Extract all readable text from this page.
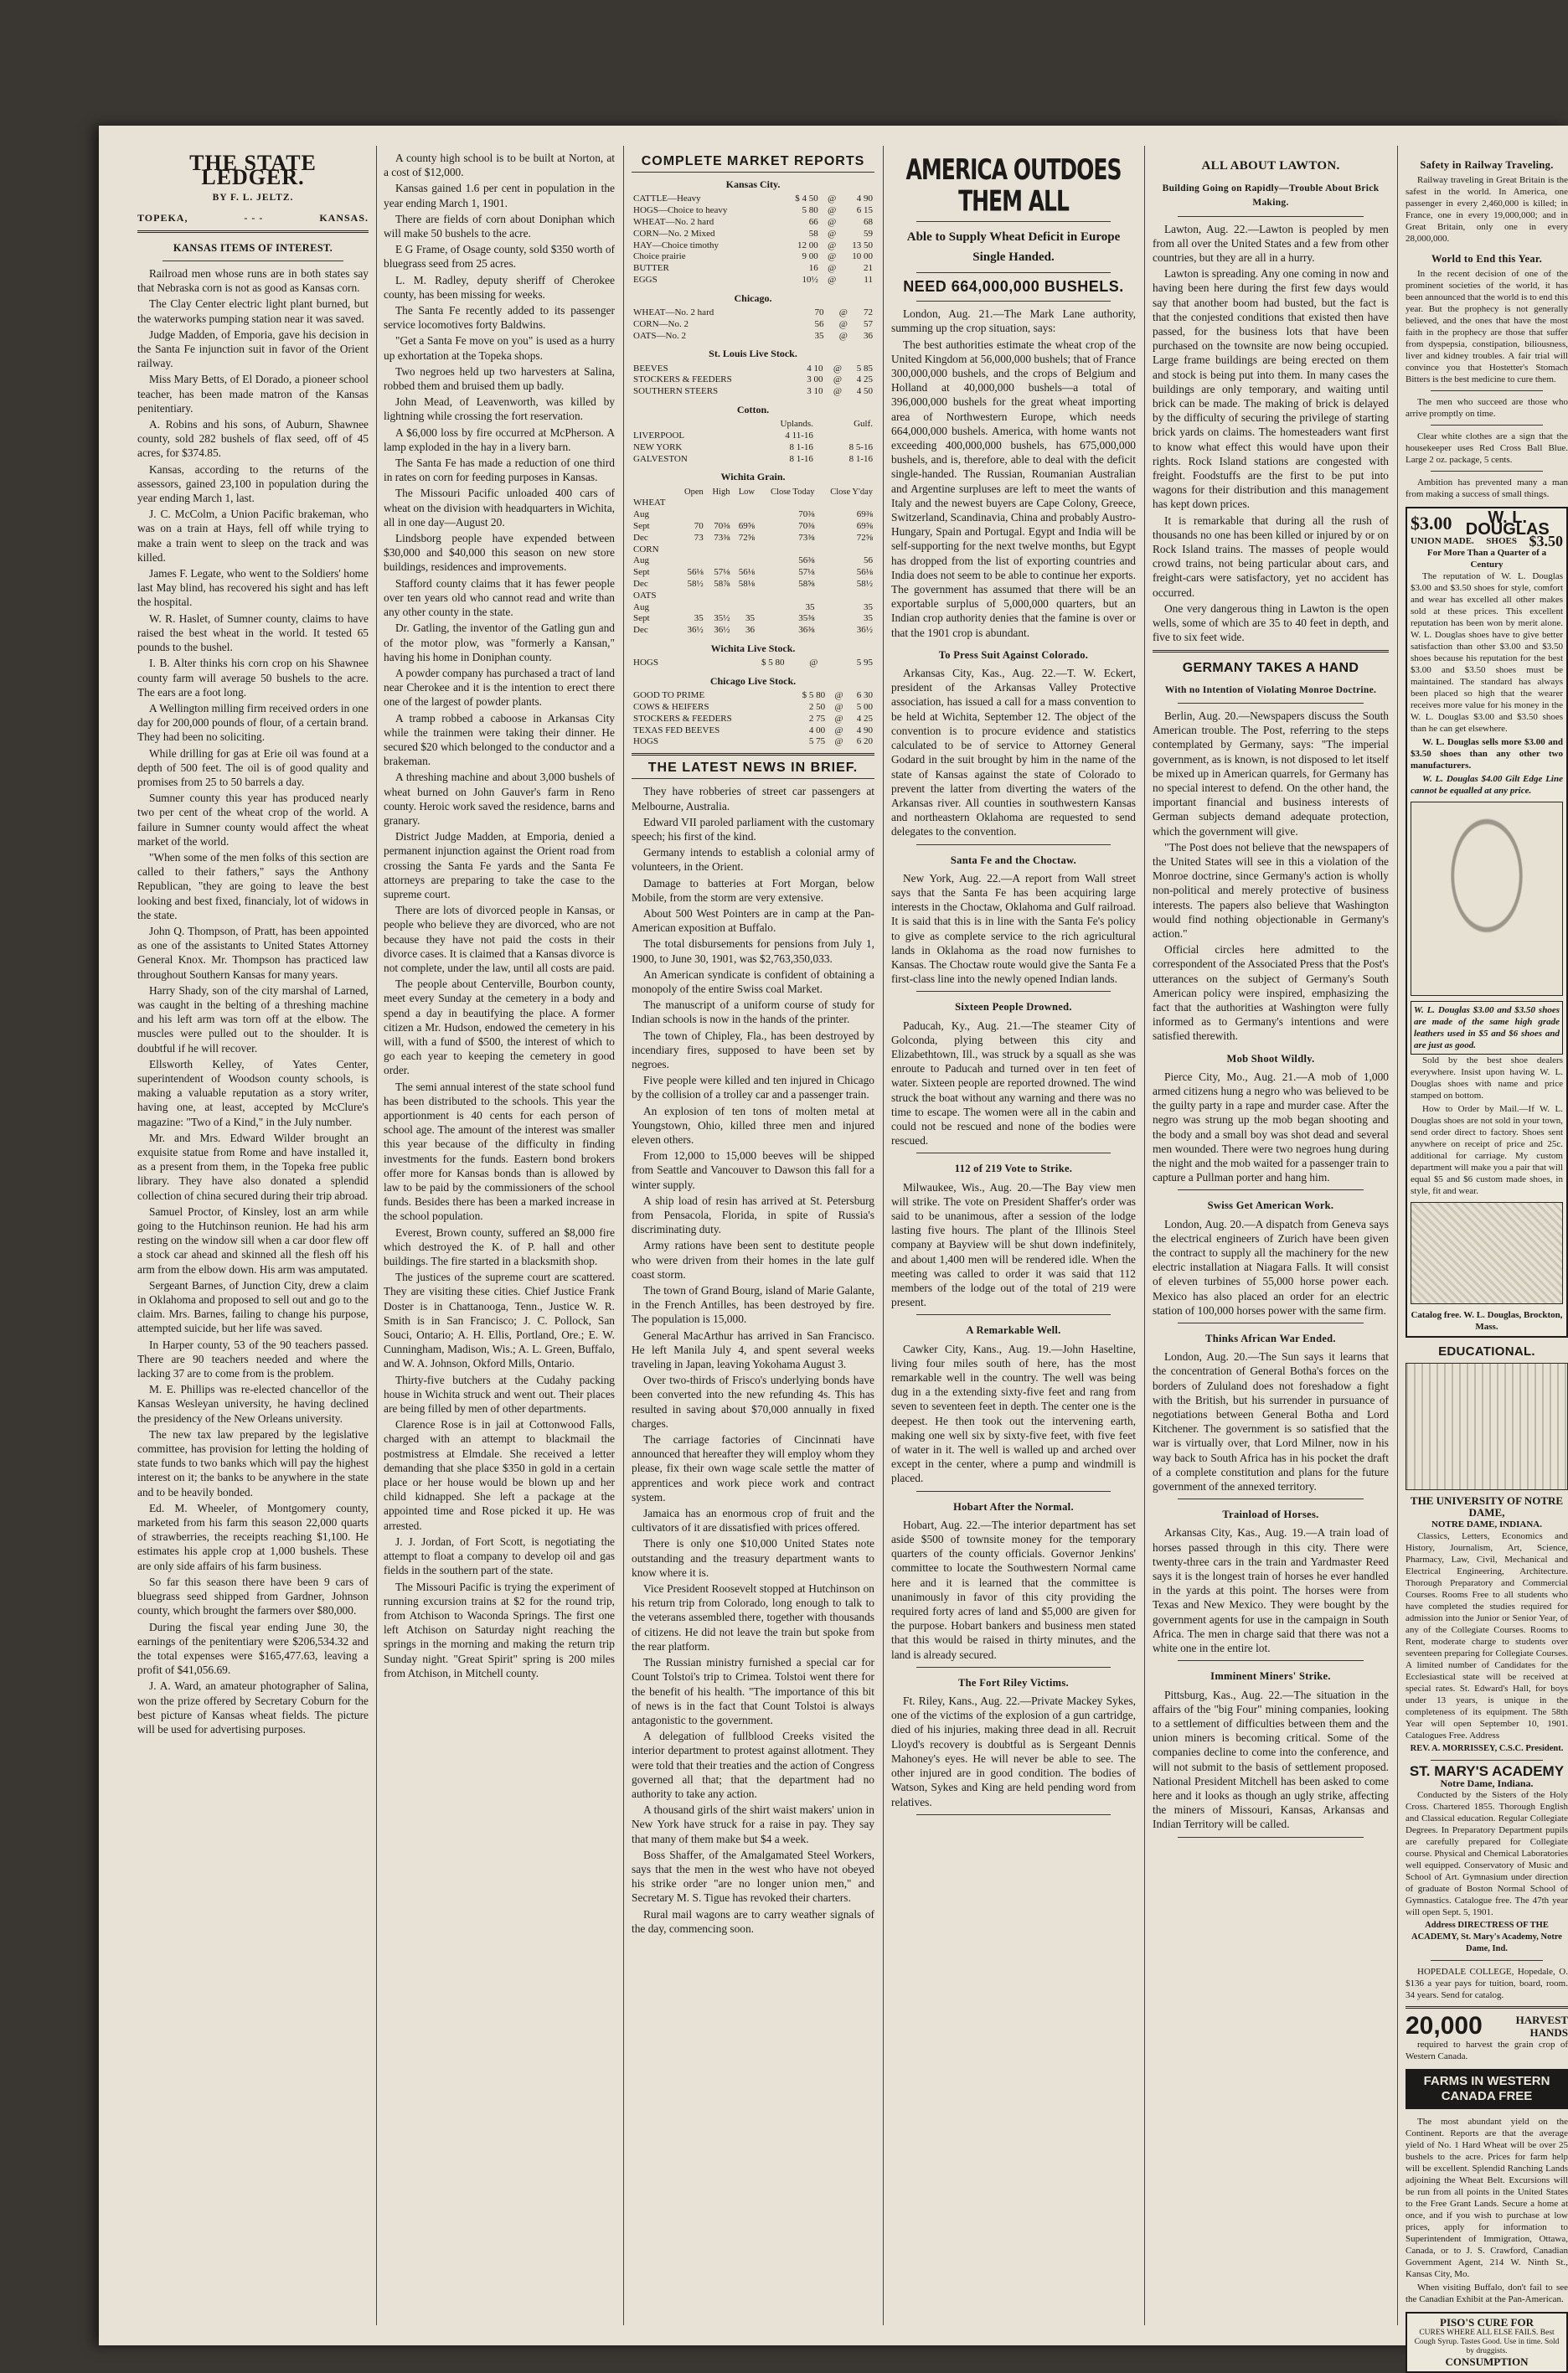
THE STATE LEDGER.
BY F. L. JELTZ.
TOPEKA,	- - -	KANSAS.
KANSAS ITEMS OF INTEREST.

Railroad men whose runs are in both states say that Nebraska corn is not as good as Kansas corn.

The Clay Center electric light plant burned, but the waterworks pumping station near it was saved.

Judge Madden, of Emporia, gave his decision in the Santa Fe injunction suit in favor of the Orient railway.

Miss Mary Betts, of El Dorado, a pioneer school teacher, has been made matron of the Kansas penitentiary.

A. Robins and his sons, of Auburn, Shawnee county, sold 282 bushels of flax seed, off of 45 acres, for $374.85.

Kansas, according to the returns of the assessors, gained 23,100 in population during the year ending March 1, last.

J. C. McColm, a Union Pacific brakeman, who was on a train at Hays, fell off while trying to make a train went to sleep on the track and was killed.

James F. Legate, who went to the Soldiers' home last May blind, has recovered his sight and has left the hospital.

W. R. Haslet, of Sumner county, claims to have raised the best wheat in the world. It tested 65 pounds to the bushel.

I. B. Alter thinks his corn crop on his Shawnee county farm will average 50 bushels to the acre. The ears are a foot long.

A Wellington milling firm received orders in one day for 200,000 pounds of flour, of a certain brand. They had been no soliciting.

While drilling for gas at Erie oil was found at a depth of 500 feet. The oil is of good quality and promises from 25 to 50 barrels a day.

Sumner county this year has produced nearly two per cent of the wheat crop of the world. A failure in Sumner county would affect the wheat market of the world.

"When some of the men folks of this section are called to their fathers," says the Anthony Republican, "they are going to leave the best looking and best fixed, financialy, lot of widows in the state.

John Q. Thompson, of Pratt, has been appointed as one of the assistants to United States Attorney General Knox. Mr. Thompson has practiced law throughout Southern Kansas for many years.

Harry Shady, son of the city marshal of Larned, was caught in the belting of a threshing machine and his left arm was torn off at the elbow. The muscles were pulled out to the shoulder. It is doubtful if he will recover.

Ellsworth Kelley, of Yates Center, superintendent of Woodson county schools, is making a valuable reputation as a story writer, having one, at least, accepted by McClure's magazine: "Two of a Kind," in the July number.

Mr. and Mrs. Edward Wilder brought an exquisite statue from Rome and have installed it, as a present from them, in the Topeka free public library. They have also donated a splendid collection of china secured during their trip abroad.

Samuel Proctor, of Kinsley, lost an arm while going to the Hutchinson reunion. He had his arm resting on the window sill when a car door flew off a stock car ahead and skinned all the flesh off his arm from the elbow down. His arm was amputated.

Sergeant Barnes, of Junction City, drew a claim in Oklahoma and proposed to sell out and go to the claim. Mrs. Barnes, failing to change his purpose, attempted suicide, but her life was saved.

In Harper county, 53 of the 90 teachers passed. There are 90 teachers needed and where the lacking 37 are to come from is the problem.

M. E. Phillips was re-elected chancellor of the Kansas Wesleyan university, he having declined the presidency of the New Orleans university.

The new tax law prepared by the legislative committee, has provision for letting the holding of state funds to two banks which will pay the highest interest on it; the banks to be anywhere in the state and to be heavily bonded.

Ed. M. Wheeler, of Montgomery county, marketed from his farm this season 22,000 quarts of strawberries, the receipts reaching $1,100. He estimates his apple crop at 1,000 bushels. These are only side affairs of his farm business.

So far this season there have been 9 cars of bluegrass seed shipped from Gardner, Johnson county, which brought the farmers over $80,000.

During the fiscal year ending June 30, the earnings of the penitentiary were $206,534.32 and the total expenses were $165,477.63, leaving a profit of $41,056.69.

J. A. Ward, an amateur photographer of Salina, won the prize offered by Secretary Coburn for the best picture of Kansas wheat fields. The picture will be used for advertising purposes.

A county high school is to be built at Norton, at a cost of $12,000.

Kansas gained 1.6 per cent in population in the year ending March 1, 1901.

There are fields of corn about Doniphan which will make 50 bushels to the acre.

E G Frame, of Osage county, sold $350 worth of bluegrass seed from 25 acres.

L. M. Radley, deputy sheriff of Cherokee county, has been missing for weeks.

The Santa Fe recently added to its passenger service locomotives forty Baldwins.

"Get a Santa Fe move on you" is used as a hurry up exhortation at the Topeka shops.

Two negroes held up two harvesters at Salina, robbed them and bruised them up badly.

John Mead, of Leavenworth, was killed by lightning while crossing the fort reservation.

A $6,000 loss by fire occurred at McPherson. A lamp exploded in the hay in a livery barn.

The Santa Fe has made a reduction of one third in rates on corn for feeding purposes in Kansas.

The Missouri Pacific unloaded 400 cars of wheat on the division with headquarters in Wichita, all in one day—August 20.

Lindsborg people have expended between $30,000 and $40,000 this season on new store buildings, residences and improvements.

Stafford county claims that it has fewer people over ten years old who cannot read and write than any other county in the state.

Dr. Gatling, the inventor of the Gatling gun and of the motor plow, was "formerly a Kansan," having his home in Doniphan county.

A powder company has purchased a tract of land near Cherokee and it is the intention to erect there one of the largest of powder plants.

A tramp robbed a caboose in Arkansas City while the trainmen were taking their dinner. He secured $20 which belonged to the conductor and a brakeman.

A threshing machine and about 3,000 bushels of wheat burned on John Gauver's farm in Reno county. Heroic work saved the residence, barns and granary.

District Judge Madden, at Emporia, denied a permanent injunction against the Orient road from crossing the Santa Fe yards and the Santa Fe attorneys are preparing to take the case to the supreme court.

There are lots of divorced people in Kansas, or people who believe they are divorced, who are not because they have not paid the costs in their divorce cases. It is claimed that a Kansas divorce is not complete, under the law, until all costs are paid.

The people about Centerville, Bourbon county, meet every Sunday at the cemetery in a body and spend a day in beautifying the place. A former citizen a Mr. Hudson, endowed the cemetery in his will, with a fund of $500, the interest of which to go each year to keeping the cemetery in good order.

The semi annual interest of the state school fund has been distributed to the schools. This year the apportionment is 40 cents for each person of school age. The amount of the interest was smaller this year because of the difficulty in finding investments for the funds. Eastern bond brokers offer more for Kansas bonds than is allowed by law to be paid by the commissioners of the school funds. Besides there has been a marked increase in the school population.

Everest, Brown county, suffered an $8,000 fire which destroyed the K. of P. hall and other buildings. The fire started in a blacksmith shop.

The justices of the supreme court are scattered. They are visiting these cities. Chief Justice Frank Doster is in Chattanooga, Tenn., Justice W. R. Smith is in San Francisco; J. C. Pollock, San Souci, Ontario; A. H. Ellis, Portland, Ore.; E. W. Cunningham, Madison, Wis.; A. L. Green, Buffalo, and W. A. Johnson, Okford Mills, Ontario.

Thirty-five butchers at the Cudahy packing house in Wichita struck and went out. Their places are being filled by men of other departments.

Clarence Rose is in jail at Cottonwood Falls, charged with an attempt to blackmail the postmistress at Elmdale. She received a letter demanding that she place $350 in gold in a certain place or her house would be blown up and her child kidnapped. She left a package at the appointed time and Rose picked it up. He was arrested.

J. J. Jordan, of Fort Scott, is negotiating the attempt to float a company to develop oil and gas fields in the southern part of the state.

The Missouri Pacific is trying the experiment of running excursion trains at $2 for the round trip, from Atchison to Waconda Springs. The first one left Atchison on Saturday night reaching the springs in the morning and making the return trip Sunday night. "Great Spirit" spring is 200 miles from Atchison, in Mitchell county.

COMPLETE MARKET REPORTS
Kansas City.
CATTLE—Heavy	$ 4 50	@	4 90
HOGS—Choice to heavy	5 80	@	6 15
WHEAT—No. 2 hard	66	@	68
CORN—No. 2 Mixed	58	@	59
HAY—Choice timothy	12 00	@	13 50
Choice prairie	9 00	@	10 00
BUTTER	16	@	21
EGGS	10½	@	11
Chicago.
WHEAT—No. 2 hard	70	@	72
CORN—No. 2	56	@	57
OATS—No. 2	35	@	36
St. Louis Live Stock.
BEEVES	4 10	@	5 85
STOCKERS & FEEDERS	3 00	@	4 25
SOUTHERN STEERS	3 10	@	4 50
Cotton.
	Uplands.		Gulf.
LIVERPOOL	4 11-16		
NEW YORK	8 1-16		8 5-16
GALVESTON	8 1-16		8 1-16
Wichita Grain.
	Open	High	Low	Close Today	Close Y'day
WHEAT					
Aug				70⅜	69⅜
Sept	70	70⅜	69⅝	70⅜	69⅝
Dec	73	73⅜	72⅝	73⅜	72⅝
CORN					
Aug				56⅜	56
Sept	56⅛	57⅛	56⅛	57⅛	56⅛
Dec	58½	58⅞	58⅛	58⅝	58½
OATS					
Aug				35	35
Sept	35	35½	35	35⅜	35
Dec	36½	36½	36	36⅜	36½
Wichita Live Stock.
HOGS	$ 5 80	@	5 95
Chicago Live Stock.
GOOD TO PRIME	$ 5 80	@	6 30
COWS & HEIFERS	2 50	@	5 00
STOCKERS & FEEDERS	2 75	@	4 25
TEXAS FED BEEVES	4 00	@	4 90
HOGS	5 75	@	6 20
THE LATEST NEWS IN BRIEF.

They have robberies of street car passengers at Melbourne, Australia.

Edward VII paroled parliament with the customary speech; his first of the kind.

Germany intends to establish a colonial army of volunteers, in the Orient.

Damage to batteries at Fort Morgan, below Mobile, from the storm are very extensive.

About 500 West Pointers are in camp at the Pan-American exposition at Buffalo.

The total disbursements for pensions from July 1, 1900, to June 30, 1901, was $2,763,350,033.

An American syndicate is confident of obtaining a monopoly of the entire Swiss coal Market.

The manuscript of a uniform course of study for Indian schools is now in the hands of the printer.

The town of Chipley, Fla., has been destroyed by incendiary fires, supposed to have been set by negroes.

Five people were killed and ten injured in Chicago by the collision of a trolley car and a passenger train.

An explosion of ten tons of molten metal at Youngstown, Ohio, killed three men and injured eleven others.

From 12,000 to 15,000 beeves will be shipped from Seattle and Vancouver to Dawson this fall for a winter supply.

A ship load of resin has arrived at St. Petersburg from Pensacola, Florida, in spite of Russia's discriminating duty.

Army rations have been sent to destitute people who were driven from their homes in the late gulf coast storm.

The town of Grand Bourg, island of Marie Galante, in the French Antilles, has been destroyed by fire. The population is 15,000.

General MacArthur has arrived in San Francisco. He left Manila July 4, and spent several weeks traveling in Japan, leaving Yokohama August 3.

Over two-thirds of Frisco's underlying bonds have been converted into the new refunding 4s. This has resulted in saving about $70,000 annually in fixed charges.

The carriage factories of Cincinnati have announced that hereafter they will employ whom they please, fix their own wage scale settle the matter of apprentices and work piece work and contract system.

Jamaica has an enormous crop of fruit and the cultivators of it are dissatisfied with prices offered.

There is only one $10,000 United States note outstanding and the treasury department wants to know where it is.

Vice President Roosevelt stopped at Hutchinson on his return trip from Colorado, long enough to talk to the veterans assembled there, together with thousands of citizens. He did not leave the train but spoke from the rear platform.

The Russian ministry furnished a special car for Count Tolstoi's trip to Crimea. Tolstoi went there for the benefit of his health. "The importance of this bit of news is in the fact that Count Tolstoi is always antagonistic to the government.

A delegation of fullblood Creeks visited the interior department to protest against allotment. They were told that their treaties and the action of Congress governed all that; that the department had no authority to take any action.

A thousand girls of the shirt waist makers' union in New York have struck for a raise in pay. They say that many of them make but $4 a week.

Boss Shaffer, of the Amalgamated Steel Workers, says that the men in the west who have not obeyed his strike order "are no longer union men," and Secretary M. S. Tigue has revoked their charters.

Rural mail wagons are to carry weather signals of the day, commencing soon.

AMERICA OUTDOES THEM ALL
Able to Supply Wheat Deficit in Europe Single Handed.
NEED 664,000,000 BUSHELS.

London, Aug. 21.—The Mark Lane authority, summing up the crop situation, says:

The best authorities estimate the wheat crop of the United Kingdom at 56,000,000 bushels; that of France 300,000,000 bushels, and the crops of Belgium and Holland at 40,000,000 bushels—a total of 396,000,000 bushels for the great wheat importing area of Northwestern Europe, which needs 664,000,000 bushels. America, with home wants not exceeding 400,000,000 bushels, has 675,000,000 bushels, and is, therefore, able to deal with the deficit single-handed. The Russian, Roumanian Australian and Argentine surpluses are left to meet the wants of Italy and the newest buyers are Cape Colony, Greece, Switzerland, Scandinavia, China and probably Austro-Hungary, Spain and Portugal. Egypt and India will be self-supporting for the next twelve months, but Egypt has dropped from the list of exporting countries and India does not seem to be able to continue her exports. The government has assumed that there will be an exportable surplus of 5,000,000 quarters, but an Indian crop authority denies that the famine is over or that the 1901 crop is abundant.

To Press Suit Against Colorado.

Arkansas City, Kas., Aug. 22.—T. W. Eckert, president of the Arkansas Valley Protective association, has issued a call for a mass convention to be held at Wichita, September 12. The object of the convention is to procure evidence and statistics calculated to be of service to Attorney General Godard in the suit brought by him in the name of the state of Kansas against the state of Colorado to prevent the latter from diverting the waters of the Arkansas river. All counties in southwestern Kansas and northeastern Oklahoma are requested to send delegates to the convention.

Santa Fe and the Choctaw.

New York, Aug. 22.—A report from Wall street says that the Santa Fe has been acquiring large interests in the Choctaw, Oklahoma and Gulf railroad. It is said that this is in line with the Santa Fe's policy to give as complete service to the rich agricultural lands in Oklahoma as the road now furnishes to Kansas. The Choctaw route would give the Santa Fe a first-class line into the newly opened Indian lands.

Sixteen People Drowned.

Paducah, Ky., Aug. 21.—The steamer City of Golconda, plying between this city and Elizabethtown, Ill., was struck by a squall as she was enroute to Paducah and turned over in ten feet of water. Sixteen people are reported drowned. The wind struck the boat without any warning and there was no time to escape. The women were all in the cabin and could not be rescued and none of the bodies were rescued.

112 of 219 Vote to Strike.

Milwaukee, Wis., Aug. 20.—The Bay view men will strike. The vote on President Shaffer's order was said to be unanimous, after a session of the lodge lasting five hours. The plant of the Illinois Steel company at Bayview will be shut down indefinitely, and about 1,400 men will be rendered idle. When the meeting was called to order it was said that 112 members of the lodge out of the total of 219 were present.

A Remarkable Well.

Cawker City, Kans., Aug. 19.—John Haseltine, living four miles south of here, has the most remarkable well in the country. The well was being dug in a the extending sixty-five feet and rang from seven to seventeen feet in depth. The center one is the deepest. He then took out the intervening earth, making one well six by sixty-five feet, with five feet of water in it. The well is walled up and arched over except in the center, where a pump and windmill is placed.

Hobart After the Normal.

Hobart, Aug. 22.—The interior department has set aside $500 of townsite money for the temporary quarters of the county officials. Governor Jenkins' committee to locate the Southwestern Normal came here and it is learned that the committee is unanimously in favor of this city providing the required forty acres of land and $5,000 are given for the purpose. Hobart bankers and business men stated that this would be raised in thirty minutes, and the land is already secured.

The Fort Riley Victims.

Ft. Riley, Kans., Aug. 22.—Private Mackey Sykes, one of the victims of the explosion of a gun cartridge, died of his injuries, making three dead in all. Recruit Lloyd's recovery is doubtful as is Sergeant Dennis Mahoney's eyes. He will never be able to see. The other injured are in good condition. The bodies of Watson, Sykes and King are held pending word from relatives.

ALL ABOUT LAWTON.
Building Going on Rapidly—Trouble About Brick Making.

Lawton, Aug. 22.—Lawton is peopled by men from all over the United States and a few from other countries, but they are all in a hurry.

Lawton is spreading. Any one coming in now and having been here during the first few days would say that another boom had busted, but the fact is that the conjested conditions that existed then have passed, for the business lots that have been purchased on the townsite are now being occupied. Large frame buildings are being erected on them and stock is being put into them. In many cases the buildings are only temporary, and waiting until brick can be made. The making of brick is delayed by the difficulty of securing the privilege of starting brick yards on claims. The homesteaders want first to know what effect this would have upon their rights. Rock Island stations are congested with freight. Foodstuffs are the first to be put into wagons for their distribution and this management has kept down prices.

It is remarkable that during all the rush of thousands no one has been killed or injured by or on Rock Island trains. The masses of people would crowd trains, not being particular about cars, and freight-cars were satisfactory, yet no accident has occurred.

One very dangerous thing in Lawton is the open wells, some of which are 35 to 40 feet in depth, and five to six feet wide.

GERMANY TAKES A HAND
With no Intention of Violating Monroe Doctrine.

Berlin, Aug. 20.—Newspapers discuss the South American trouble. The Post, referring to the steps contemplated by Germany, says: "The imperial government, as is known, is not disposed to let itself be mixed up in American quarrels, for Germany has no special interest to defend. On the other hand, the important financial and business interests of German subjects demand adequate protection, which the government will give.

"The Post does not believe that the newspapers of the United States will see in this a violation of the Monroe doctrine, since Germany's action is wholly non-political and merely protective of business interests. The papers also believe that Washington would find nothing objectionable in Germany's action."

Official circles here admitted to the correspondent of the Associated Press that the Post's utterances on the subject of Germany's South American policy were inspired, emphasizing the fact that the authorities at Washington were fully informed as to Germany's intentions and were satisfied therewith.

Mob Shoot Wildly.

Pierce City, Mo., Aug. 21.—A mob of 1,000 armed citizens hung a negro who was believed to be the guilty party in a rape and murder case. After the negro was strung up the mob began shooting and the body and a small boy was shot dead and several men wounded. There were two negroes hung during the night and the mob waited for a passenger train to capture a Pullman porter and hang him.

Swiss Get American Work.

London, Aug. 20.—A dispatch from Geneva says the electrical engineers of Zurich have been given the contract to supply all the machinery for the new electric installation at Niagara Falls. It will consist of eleven turbines of 55,000 horse power each. Mexico has also placed an order for an electric station of 100,000 horses power with the same firm.

Thinks African War Ended.

London, Aug. 20.—The Sun says it learns that the concentration of General Botha's forces on the borders of Zululand does not foreshadow a fight with the British, but his surrender in pursuance of negotiations between General Botha and Lord Kitchener. The government is so satisfied that the war is virtually over, that Lord Milner, now in his way back to South Africa has in his pocket the draft of a complete constitution and plans for the future government of the annexed territory.

Trainload of Horses.

Arkansas City, Kas., Aug. 19.—A train load of horses passed through in this city. There were twenty-three cars in the train and Yardmaster Reed says it is the longest train of horses he ever handled in the yards at this point. The horses were from Texas and New Mexico. They were bought by the government agents for use in the campaign in South Africa. The men in charge said that there was not a white one in the entire lot.

Imminent Miners' Strike.

Pittsburg, Kas., Aug. 22.—The situation in the affairs of the "big Four" mining companies, looking to a settlement of difficulties between them and the union miners is becoming critical. Some of the companies decline to come into the conference, and will not submit to the basis of settlement proposed. National President Mitchell has been asked to come here and it looks as though an ugly strike, affecting the miners of Missouri, Kansas, Arkansas and Indian Territory will be called.

Safety in Railway Traveling.

Railway traveling in Great Britain is the safest in the world. In America, one passenger in every 2,460,000 is killed; in France, one in every 19,000,000; and in Great Britain, only one in every 28,000,000.

World to End this Year.

In the recent decision of one of the prominent societies of the world, it has been announced that the world is to end this year. But the prophecy is not generally believed, and the ones that have the most faith in the prophecy are those that suffer from dyspepsia, constipation, biliousness, liver and kidney troubles. A fair trial will convince you that Hostetter's Stomach Bitters is the best medicine to cure them.

The men who succeed are those who arrive promptly on time.

Clear white clothes are a sign that the housekeeper uses Red Cross Ball Blue. Large 2 oz. package, 5 cents.

Ambition has prevented many a man from making a success of small things.

$3.00	W. L. DOUGLAS
UNION MADE. SHOES $3.50
For More Than a Quarter of a Century

The reputation of W. L. Douglas $3.00 and $3.50 shoes for style, comfort and wear has excelled all other makes sold at these prices. This excellent reputation has been won by merit alone. W. L. Douglas shoes have to give better satisfaction than other $3.00 and $3.50 shoes because his reputation for the best $3.00 and $3.50 shoes must be maintained. The standard has always been placed so high that the wearer receives more value for his money in the W. L. Douglas $3.00 and $3.50 shoes than he can get elsewhere.

W. L. Douglas sells more $3.00 and $3.50 shoes than any other two manufacturers.

W. L. Douglas $4.00 Gilt Edge Line cannot be equalled at any price.

W. L. Douglas $3.00 and $3.50 shoes are made of the same high grade leathers used in $5 and $6 shoes and are just as good.

Sold by the best shoe dealers everywhere. Insist upon having W. L. Douglas shoes with name and price stamped on bottom.

How to Order by Mail.—If W. L. Douglas shoes are not sold in your town, send order direct to factory. Shoes sent anywhere on receipt of price and 25c. additional for carriage. My custom department will make you a pair that will equal $5 and $6 custom made shoes, in style, fit and wear.

Catalog free. W. L. Douglas, Brockton, Mass.
EDUCATIONAL.
THE UNIVERSITY OF NOTRE DAME,
NOTRE DAME, INDIANA.

Classics, Letters, Economics and History, Journalism, Art, Science, Pharmacy, Law, Civil, Mechanical and Electrical Engineering, Architecture. Thorough Preparatory and Commercial Courses. Rooms Free to all students who have completed the studies required for admission into the Junior or Senior Year, of any of the Collegiate Courses. Rooms to Rent, moderate charge to students over seventeen preparing for Collegiate Courses. A limited number of Candidates for the Ecclesiastical state will be received at special rates. St. Edward's Hall, for boys under 13 years, is unique in the completeness of its equipment. The 58th Year will open September 10, 1901. Catalogues Free. Address

REV. A. MORRISSEY, C.S.C. President.
ST. MARY'S ACADEMY
Notre Dame, Indiana.

Conducted by the Sisters of the Holy Cross. Chartered 1855. Thorough English and Classical education. Regular Collegiate Degrees. In Preparatory Department pupils are carefully prepared for Collegiate course. Physical and Chemical Laboratories well equipped. Conservatory of Music and School of Art. Gymnasium under direction of graduate of Boston Normal School of Gymnastics. Catalogue free. The 47th year will open Sept. 5, 1901.

Address DIRECTRESS OF THE ACADEMY, St. Mary's Academy, Notre Dame, Ind.

HOPEDALE COLLEGE, Hopedale, O. $136 a year pays for tuition, board, room. 34 years. Send for catalog.

20,000	HARVEST
HANDS

required to harvest the grain crop of Western Canada.

FARMS IN WESTERN CANADA FREE

The most abundant yield on the Continent. Reports are that the average yield of No. 1 Hard Wheat will be over 25 bushels to the acre. Prices for farm help will be excellent. Splendid Ranching Lands adjoining the Wheat Belt. Excursions will be run from all points in the United States to the Free Grant Lands. Secure a home at once, and if you wish to purchase at low prices, apply for information to Superintendent of Immigration, Ottawa, Canada, or to J. S. Crawford, Canadian Government Agent, 214 W. Ninth St., Kansas City, Mo.

When visiting Buffalo, don't fail to see the Canadian Exhibit at the Pan-American.

PISO'S CURE FOR
CURES WHERE ALL ELSE FAILS. Best Cough Syrup. Tastes Good. Use in time. Sold by druggists.
CONSUMPTION
